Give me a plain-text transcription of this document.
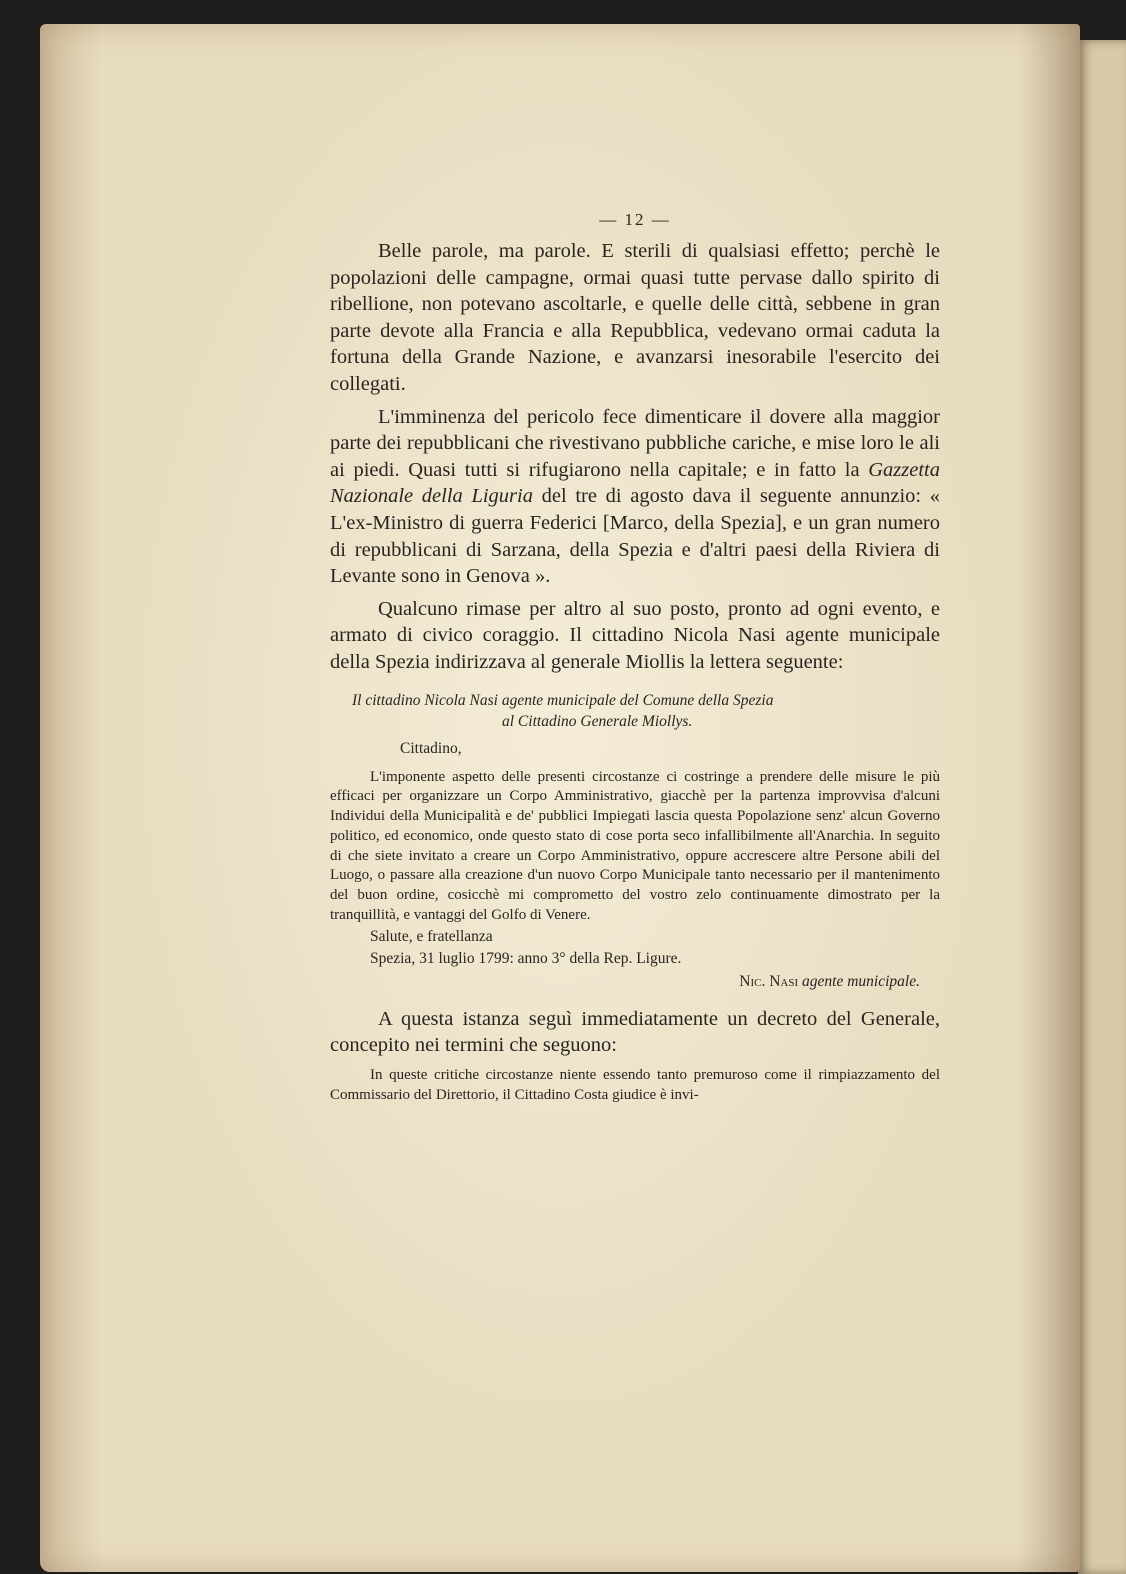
— 12 —

Belle parole, ma parole. E sterili di qualsiasi effetto; perchè le popolazioni delle campagne, ormai quasi tutte pervase dallo spirito di ribellione, non potevano ascoltarle, e quelle delle città, sebbene in gran parte devote alla Francia e alla Repubblica, vedevano ormai caduta la fortuna della Grande Nazione, e avanzarsi inesorabile l'esercito dei collegati.

L'imminenza del pericolo fece dimenticare il dovere alla maggior parte dei repubblicani che rivestivano pubbliche cariche, e mise loro le ali ai piedi. Quasi tutti si rifugiarono nella capitale; e in fatto la Gazzetta Nazionale della Liguria del tre di agosto dava il seguente annunzio: « L'ex-Ministro di guerra Federici [Marco, della Spezia], e un gran numero di repubblicani di Sarzana, della Spezia e d'altri paesi della Riviera di Levante sono in Genova ».

Qualcuno rimase per altro al suo posto, pronto ad ogni evento, e armato di civico coraggio. Il cittadino Nicola Nasi agente municipale della Spezia indirizzava al generale Miollis la lettera seguente:

Il cittadino Nicola Nasi agente municipale del Comune della Spezia
al Cittadino Generale Miollys.
Cittadino,

L'imponente aspetto delle presenti circostanze ci costringe a prendere delle misure le più efficaci per organizzare un Corpo Amministrativo, giacchè per la partenza improvvisa d'alcuni Individui della Municipalità e de' pubblici Impiegati lascia questa Popolazione senz' alcun Governo politico, ed economico, onde questo stato di cose porta seco infallibilmente all'Anarchia. In seguito di che siete invitato a creare un Corpo Amministrativo, oppure accrescere altre Persone abili del Luogo, o passare alla creazione d'un nuovo Corpo Municipale tanto necessario per il mantenimento del buon ordine, cosicchè mi comprometto del vostro zelo continuamente dimostrato per la tranquillità, e vantaggi del Golfo di Venere.

Salute, e fratellanza
Spezia, 31 luglio 1799: anno 3° della Rep. Ligure.
Nic. Nasi agente municipale.

A questa istanza seguì immediatamente un decreto del Generale, concepito nei termini che seguono:

In queste critiche circostanze niente essendo tanto premuroso come il rimpiazzamento del Commissario del Direttorio, il Cittadino Costa giudice è invi-
